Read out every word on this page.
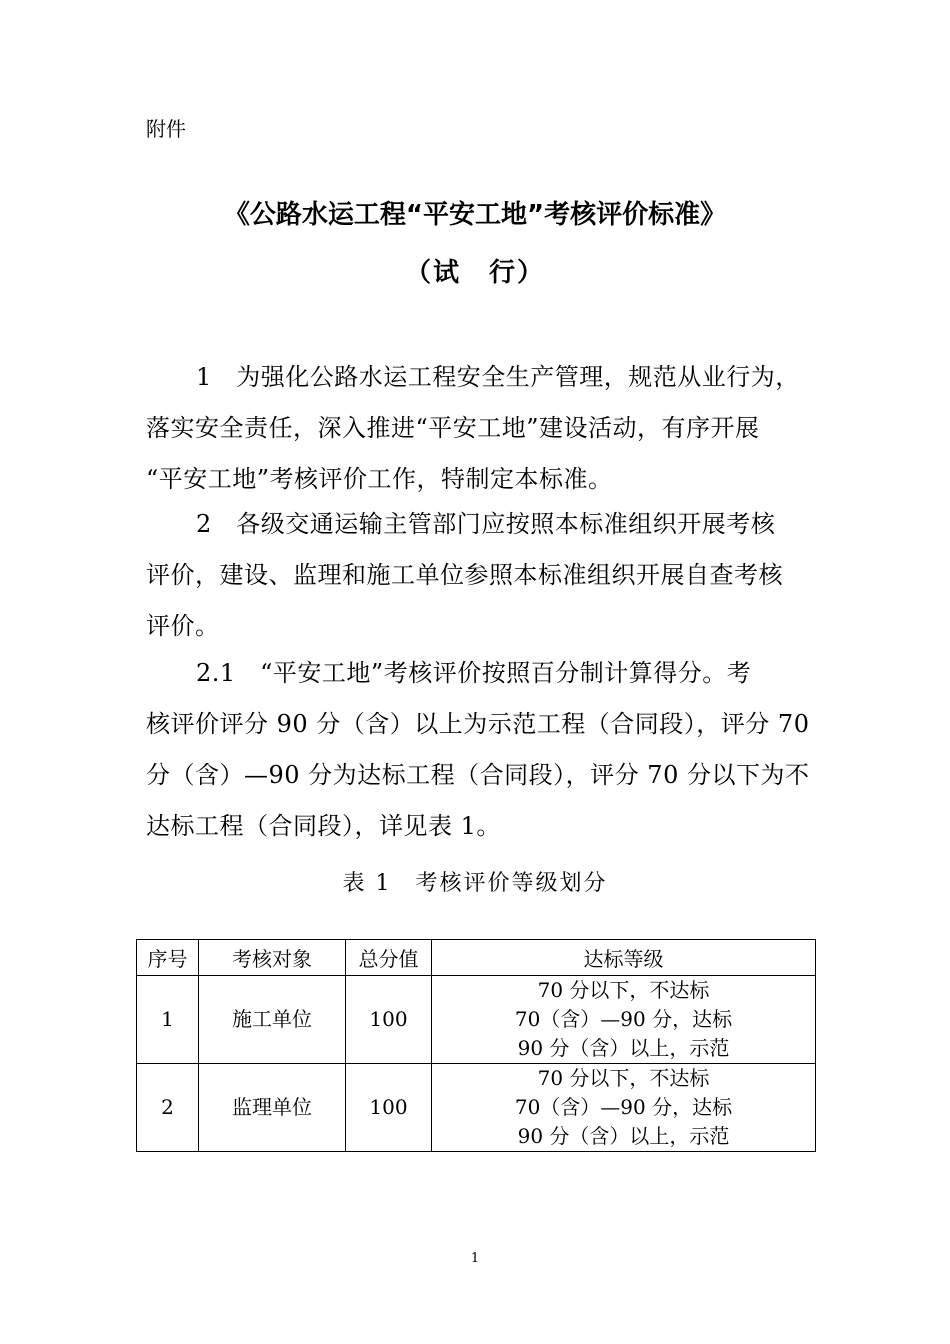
附件
《公路水运工程“平安工地”考核评价标准》
（试　行）
1　为强化公路水运工程安全生产管理，规范从业行为，
落实安全责任，深入推进“平安工地”建设活动，有序开展
“平安工地”考核评价工作，特制定本标准。
2　各级交通运输主管部门应按照本标准组织开展考核
评价，建设、监理和施工单位参照本标准组织开展自查考核
评价。
2.1　“平安工地”考核评价按照百分制计算得分。考
核评价评分 90 分（含）以上为示范工程（合同段），评分 70
分（含）—90 分为达标工程（合同段），评分 70 分以下为不
达标工程（合同段），详见表 1。
表 1　考核评价等级划分
序号	考核对象	总分值	达标等级
1	施工单位	100	70 分以下，不达标
70（含）—90 分，达标
90 分（含）以上，示范

2	监理单位	100	70 分以下，不达标
70（含）—90 分，达标
90 分（含）以上，示范
1
